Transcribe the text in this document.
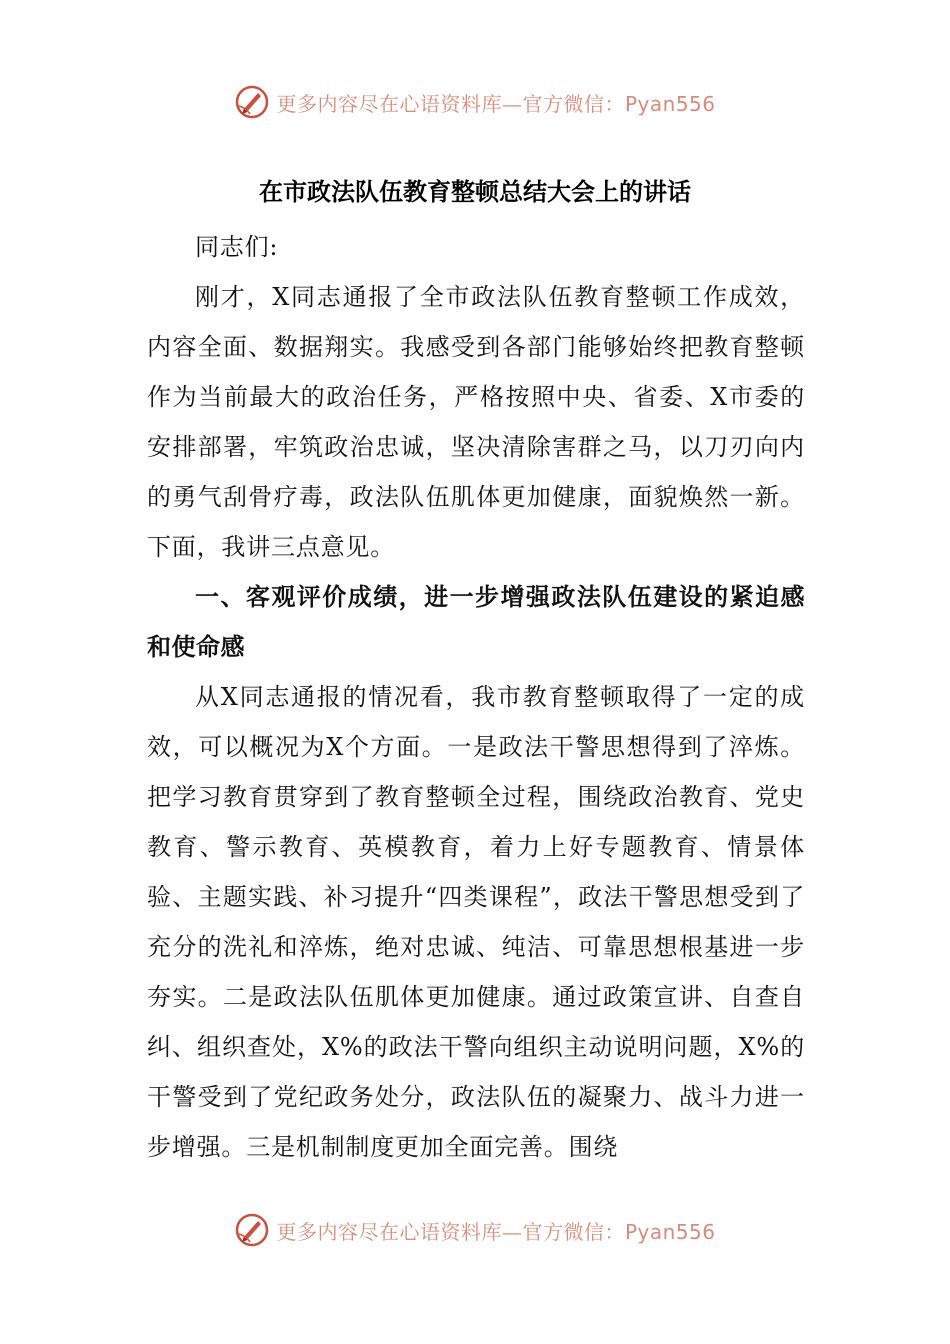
更多内容尽在心语资料库—官方微信：Pyan556
在市政法队伍教育整顿总结大会上的讲话

同志们:

刚才，X同志通报了全市政法队伍教育整顿工作成效，内容全面、数据翔实。我感受到各部门能够始终把教育整顿作为当前最大的政治任务，严格按照中央、省委、X市委的安排部署，牢筑政治忠诚，坚决清除害群之马，以刀刃向内的勇气刮骨疗毒，政法队伍肌体更加健康，面貌焕然一新。下面，我讲三点意见。

一、客观评价成绩，进一步增强政法队伍建设的紧迫感和使命感

从X同志通报的情况看，我市教育整顿取得了一定的成效，可以概况为X个方面。一是政法干警思想得到了淬炼。把学习教育贯穿到了教育整顿全过程，围绕政治教育、党史教育、警示教育、英模教育，着力上好专题教育、情景体验、主题实践、补习提升“四类课程”，政法干警思想受到了充分的洗礼和淬炼，绝对忠诚、纯洁、可靠思想根基进一步夯实。二是政法队伍肌体更加健康。通过政策宣讲、自查自纠、组织查处，X%的政法干警向组织主动说明问题，X%的干警受到了党纪政务处分，政法队伍的凝聚力、战斗力进一步增强。三是机制制度更加全面完善。围绕

更多内容尽在心语资料库—官方微信：Pyan556
